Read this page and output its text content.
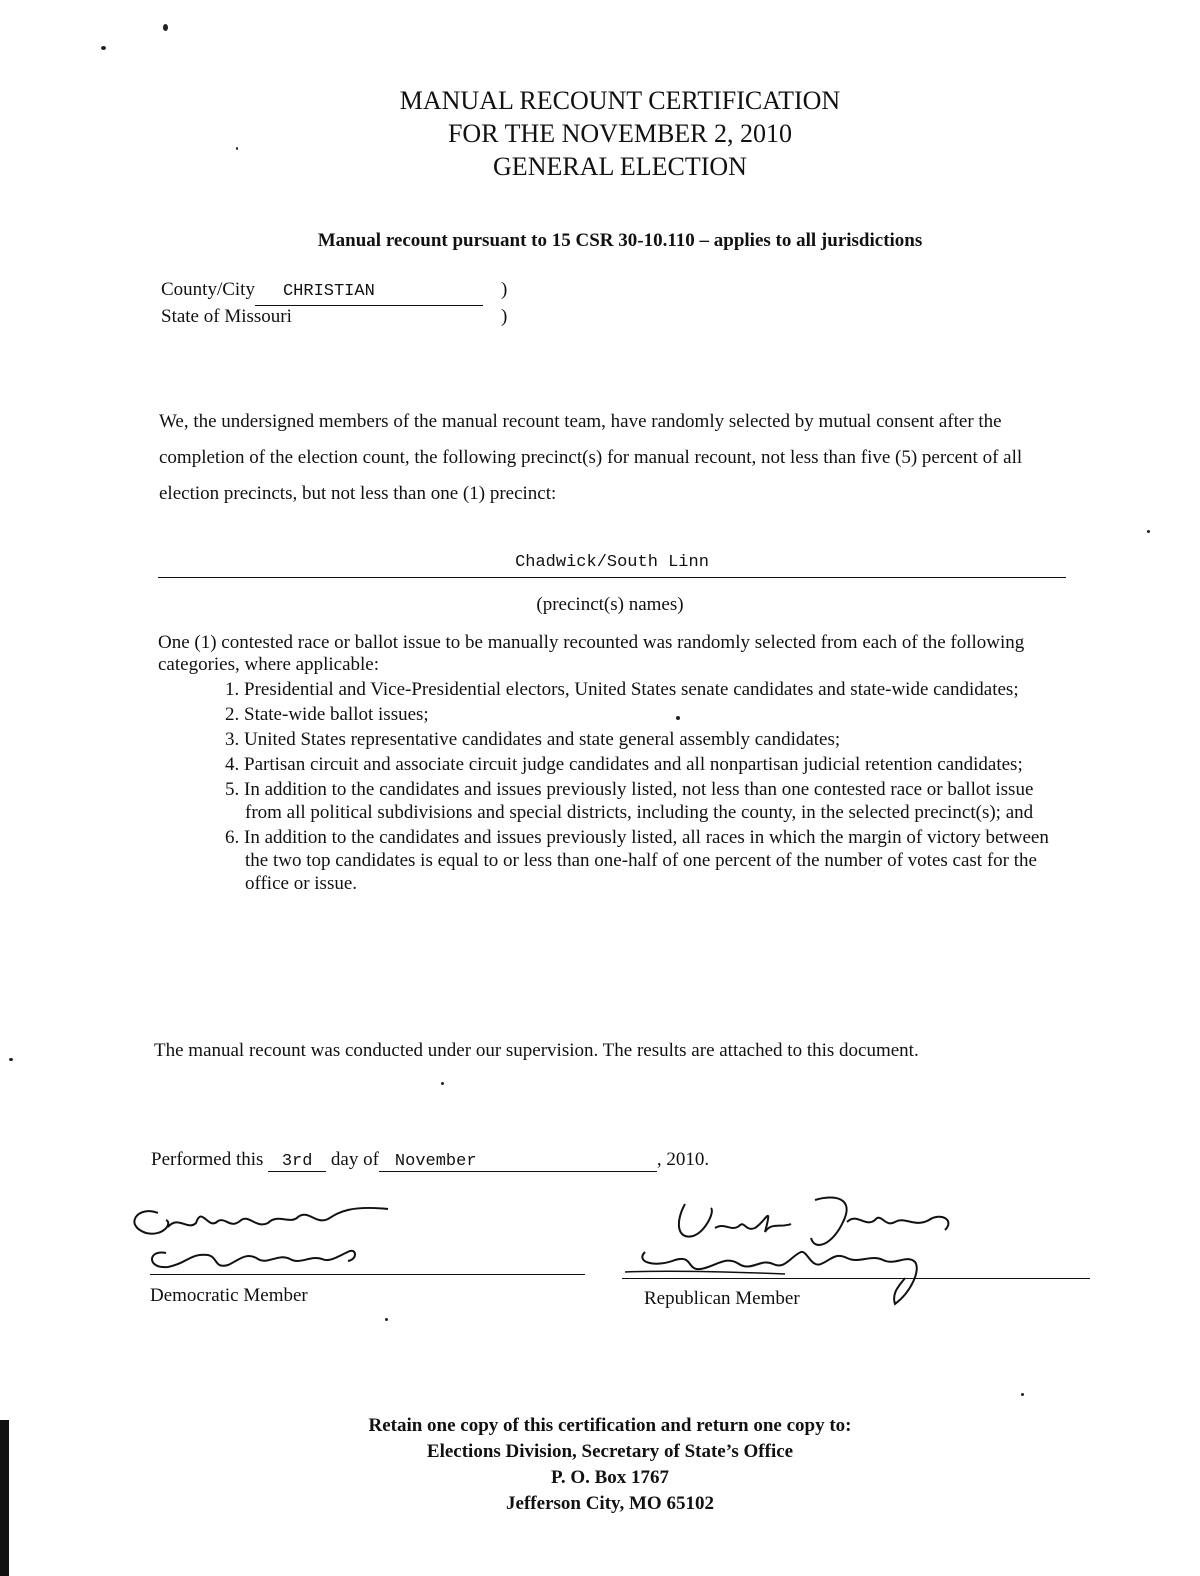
MANUAL RECOUNT CERTIFICATION
FOR THE NOVEMBER 2, 2010
GENERAL ELECTION
Manual recount pursuant to 15 CSR 30-10.110 – applies to all jurisdictions
County/City CHRISTIAN	)
State of Missouri	)
We, the undersigned members of the manual recount team, have randomly selected by mutual consent after the completion of the election count, the following precinct(s) for manual recount, not less than five (5) percent of all election precincts, but not less than one (1) precinct:
Chadwick/South Linn
(precinct(s) names)
One (1) contested race or ballot issue to be manually recounted was randomly selected from each of the following categories, where applicable:
1. Presidential and Vice-Presidential electors, United States senate candidates and state-wide candidates;
2. State-wide ballot issues;
3. United States representative candidates and state general assembly candidates;
4. Partisan circuit and associate circuit judge candidates and all nonpartisan judicial retention candidates;
5. In addition to the candidates and issues previously listed, not less than one contested race or ballot issue from all political subdivisions and special districts, including the county, in the selected precinct(s); and
6. In addition to the candidates and issues previously listed, all races in which the margin of victory between the two top candidates is equal to or less than one-half of one percent of the number of votes cast for the office or issue.
The manual recount was conducted under our supervision. The results are attached to this document.
Performed this 3rd day of November	, 2010.
Democratic Member	Republican Member
Retain one copy of this certification and return one copy to:
Elections Division, Secretary of State’s Office
P. O. Box 1767
Jefferson City, MO 65102
